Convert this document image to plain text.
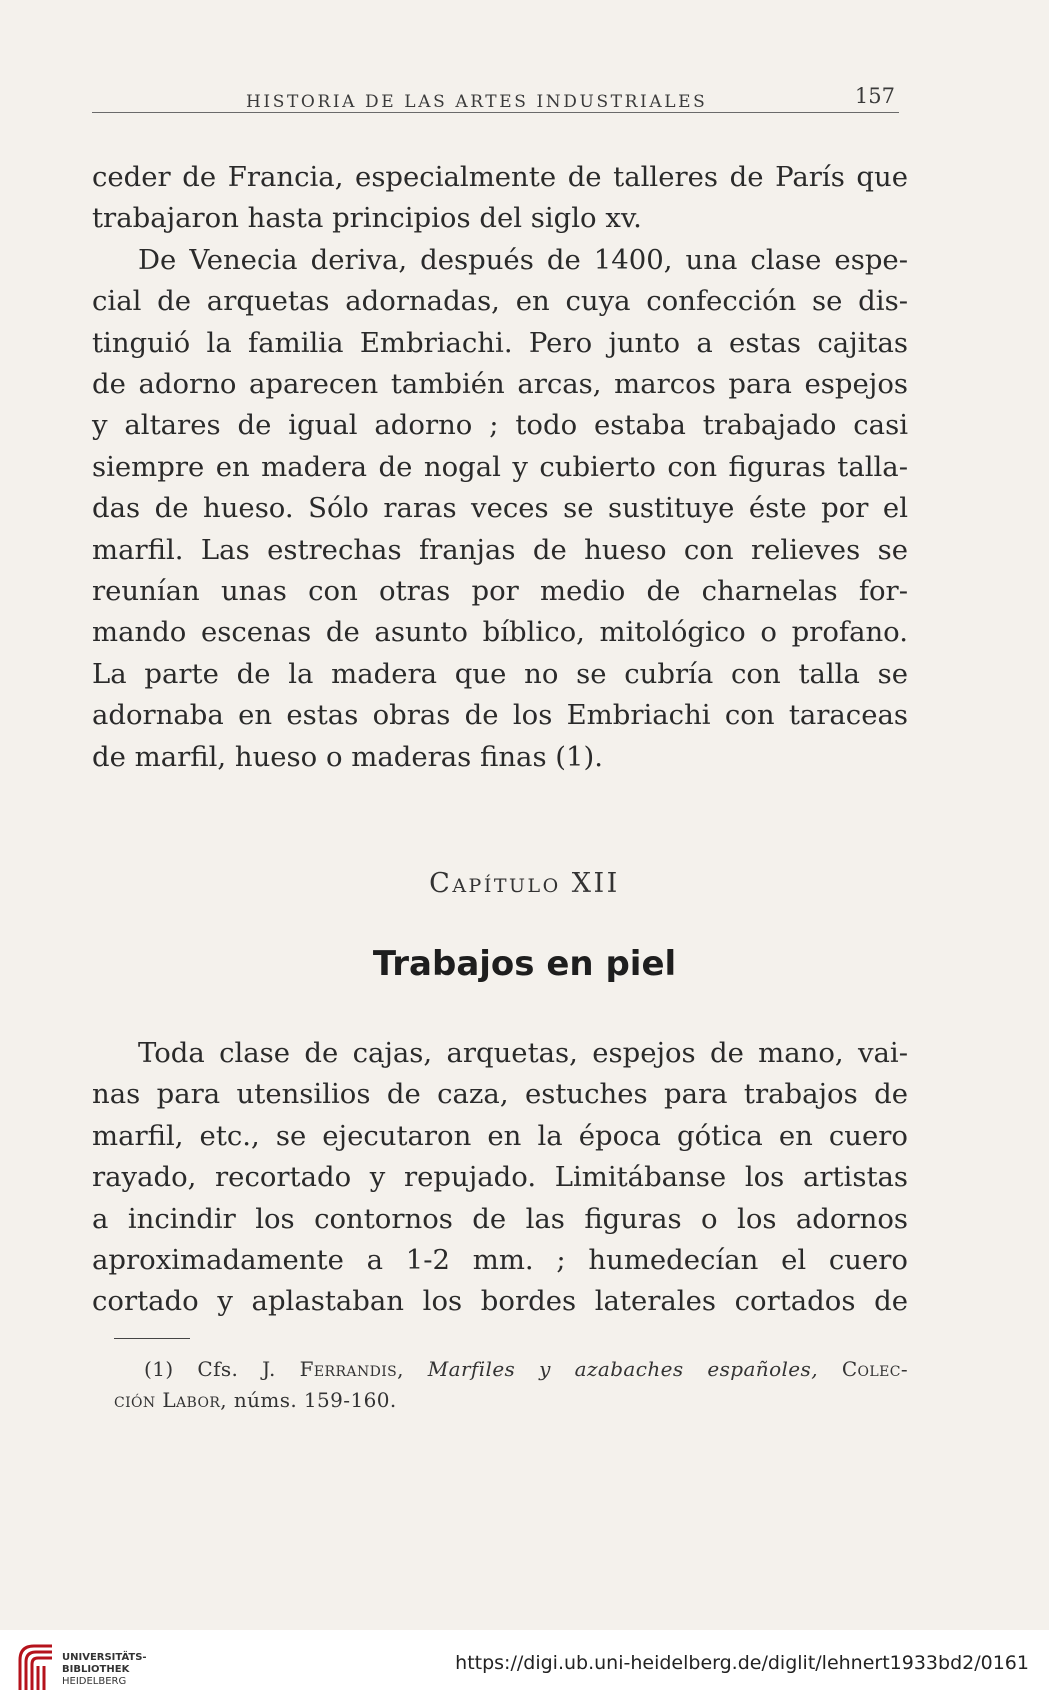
HISTORIA DE LAS ARTES INDUSTRIALES	157
ceder de Francia, especialmente de talleres de París que
trabajaron hasta principios del siglo xv.
De Venecia deriva, después de 1400, una clase espe-
cial de arquetas adornadas, en cuya confección se dis-
tinguió la familia Embriachi. Pero junto a estas cajitas
de adorno aparecen también arcas, marcos para espejos
y altares de igual adorno ; todo estaba trabajado casi
siempre en madera de nogal y cubierto con figuras talla-
das de hueso. Sólo raras veces se sustituye éste por el
marfil. Las estrechas franjas de hueso con relieves se
reunían unas con otras por medio de charnelas for-
mando escenas de asunto bíblico, mitológico o profano.
La parte de la madera que no se cubría con talla se
adornaba en estas obras de los Embriachi con taraceas
de marfil, hueso o maderas finas (1).
Capítulo XII
Trabajos en piel
Toda clase de cajas, arquetas, espejos de mano, vai-
nas para utensilios de caza, estuches para trabajos de
marfil, etc., se ejecutaron en la época gótica en cuero
rayado, recortado y repujado. Limitábanse los artistas
a incindir los contornos de las figuras o los adornos
aproximadamente a 1-2 mm. ; humedecían el cuero
cortado y aplastaban los bordes laterales cortados de
(1) Cfs. J. Ferrandis, Marfiles y azabaches españoles, Colec-
ción Labor, núms. 159-160.
UNIVERSITÄTS-
BIBLIOTHEK
HEIDELBERG
https://digi.ub.uni-heidelberg.de/diglit/lehnert1933bd2/0161
